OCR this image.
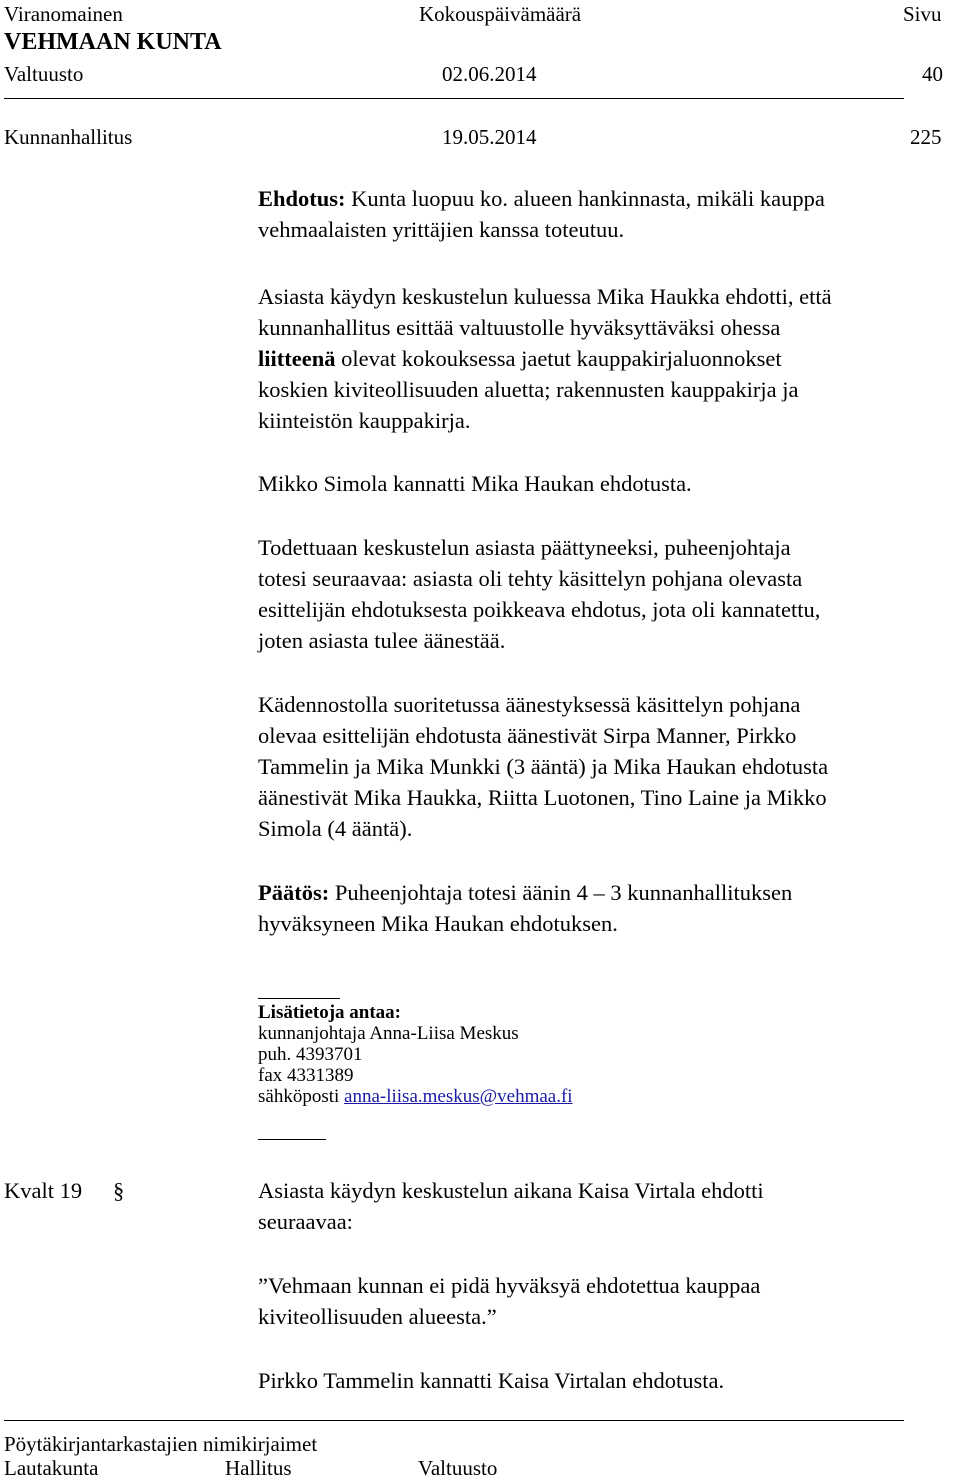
Viranomainen	Kokouspäivämäärä	Sivu
VEHMAAN KUNTA
Valtuusto	02.06.2014	40
Kunnanhallitus	19.05.2014	225
Ehdotus: Kunta luopuu ko. alueen hankinnasta, mikäli kauppa
vehmaalaisten yrittäjien kanssa toteutuu.
Asiasta käydyn keskustelun kuluessa Mika Haukka ehdotti, että
kunnanhallitus esittää valtuustolle hyväksyttäväksi ohessa
liitteenä olevat kokouksessa jaetut kauppakirjaluonnokset
koskien kiviteollisuuden aluetta; rakennusten kauppakirja ja
kiinteistön kauppakirja.
Mikko Simola kannatti Mika Haukan ehdotusta.
Todettuaan keskustelun asiasta päättyneeksi, puheenjohtaja
totesi seuraavaa: asiasta oli tehty käsittelyn pohjana olevasta
esittelijän ehdotuksesta poikkeava ehdotus, jota oli kannatettu,
joten asiasta tulee äänestää.
Kädennostolla suoritetussa äänestyksessä käsittelyn pohjana
olevaa esittelijän ehdotusta äänestivät Sirpa Manner, Pirkko
Tammelin ja Mika Munkki (3 ääntä) ja Mika Haukan ehdotusta
äänestivät Mika Haukka, Riitta Luotonen, Tino Laine ja Mikko
Simola (4 ääntä).
Päätös: Puheenjohtaja totesi äänin 4 – 3 kunnanhallituksen
hyväksyneen Mika Haukan ehdotuksen.
Lisätietoja antaa:
kunnanjohtaja Anna-Liisa Meskus
puh. 4393701
fax 4331389
sähköposti anna-liisa.meskus@vehmaa.fi
Kvalt 19 §	Asiasta käydyn keskustelun aikana Kaisa Virtala ehdotti
seuraavaa:
”Vehmaan kunnan ei pidä hyväksyä ehdotettua kauppaa
kiviteollisuuden alueesta.”
Pirkko Tammelin kannatti Kaisa Virtalan ehdotusta.
Pöytäkirjantarkastajien nimikirjaimet
Lautakunta	Hallitus	Valtuusto
